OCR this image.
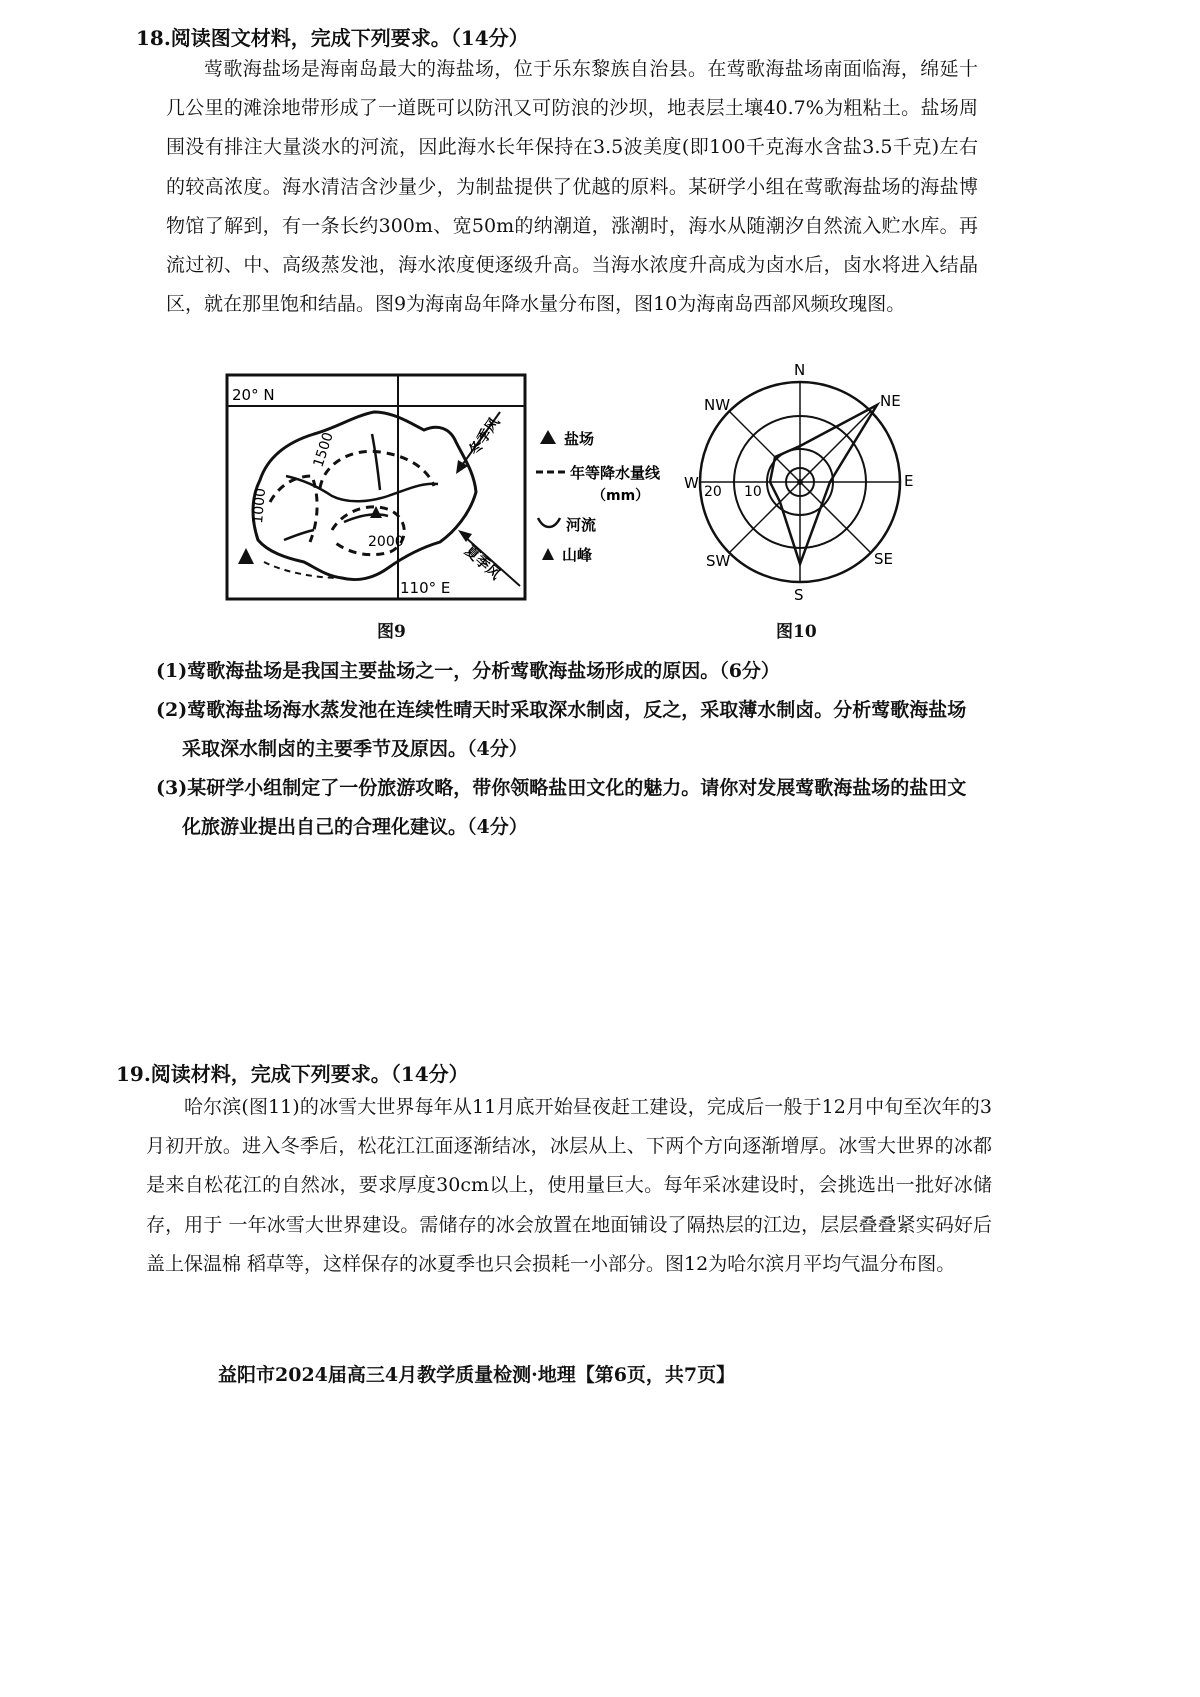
18.阅读图文材料，完成下列要求。（14分）

莺歌海盐场是海南岛最大的海盐场，位于乐东黎族自治县。在莺歌海盐场南面临海，绵延十几公里的滩涂地带形成了一道既可以防汛又可防浪的沙坝，地表层土壤40.7%为粗粘土。盐场周围没有排注大量淡水的河流，因此海水长年保持在3.5波美度(即100千克海水含盐3.5千克)左右的较高浓度。海水清洁含沙量少，为制盐提供了优越的原料。某研学小组在莺歌海盐场的海盐博物馆了解到，有一条长约300m、宽50m的纳潮道，涨潮时，海水从随潮汐自然流入贮水库。再流过初、中、高级蒸发池，海水浓度便逐级升高。当海水浓度升高成为卤水后，卤水将进入结晶区，就在那里饱和结晶。图9为海南岛年降水量分布图，图10为海南岛西部风频玫瑰图。

20° N
110° E
1500
1000
2000
冬季风
夏季风
盐场
年等降水量线
（mm）
河流
山峰
图9
N
NE
E
SE
S
SW
W
NW
20 10
图10

(1)莺歌海盐场是我国主要盐场之一，分析莺歌海盐场形成的原因。（6分）

(2)莺歌海盐场海水蒸发池在连续性晴天时采取深水制卤，反之，采取薄水制卤。分析莺歌海盐场采取深水制卤的主要季节及原因。（4分）

(3)某研学小组制定了一份旅游攻略，带你领略盐田文化的魅力。请你对发展莺歌海盐场的盐田文化旅游业提出自己的合理化建议。（4分）

19.阅读材料，完成下列要求。（14分）

哈尔滨(图11)的冰雪大世界每年从11月底开始昼夜赶工建设，完成后一般于12月中旬至次年的3月初开放。进入冬季后，松花江江面逐渐结冰，冰层从上、下两个方向逐渐增厚。冰雪大世界的冰都是来自松花江的自然冰，要求厚度30cm以上，使用量巨大。每年采冰建设时，会挑选出一批好冰储存，用于 一年冰雪大世界建设。需储存的冰会放置在地面铺设了隔热层的江边，层层叠叠紧实码好后盖上保温棉 稻草等，这样保存的冰夏季也只会损耗一小部分。图12为哈尔滨月平均气温分布图。

益阳市2024届高三4月教学质量检测·地理【第6页，共7页】
